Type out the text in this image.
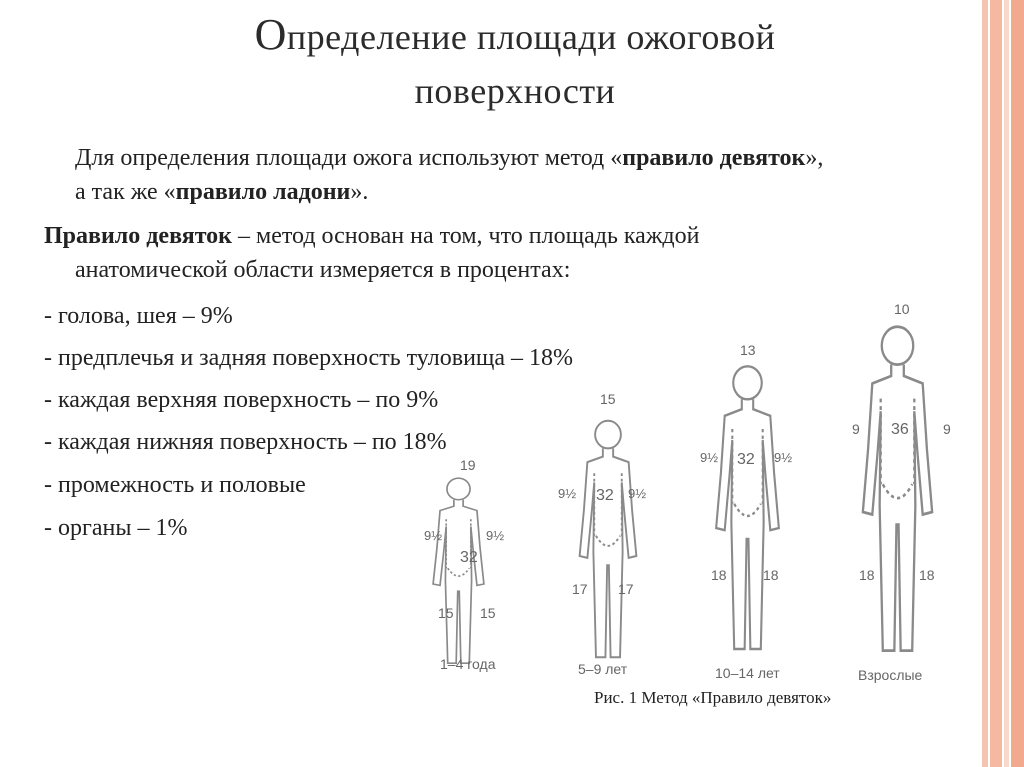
Определение площади ожоговой
поверхности
Для определения площади ожога используют метод «правило девяток»,
а так же «правило ладони».
Правило девяток – метод основан на том, что площадь каждой
анатомической области измеряется в процентах:
- голова, шея – 9%
- предплечья и задняя поверхность туловища – 18%
- каждая верхняя поверхность – по 9%
- каждая нижняя поверхность – по 18%
- промежность и половые
- органы – 1%
19
9½	9½
32
15 15
1–4 года
15
9½	9½
32
17 17
5–9 лет
13
9½	9½
32
18	18
10–14 лет
10
9	9
36
18	18
Взрослые
Рис. 1 Метод «Правило девяток»
